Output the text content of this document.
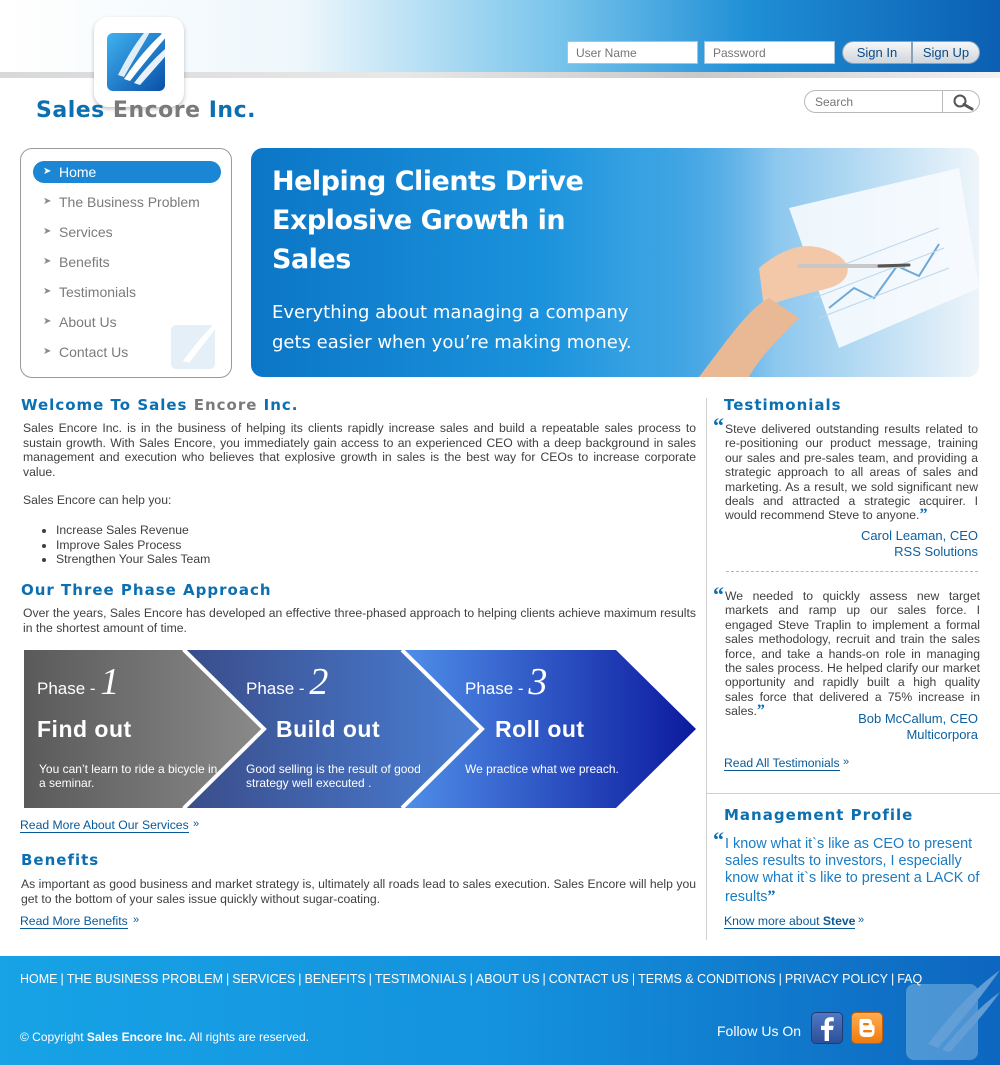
Sales Encore Inc.
User Name
Sign In	Sign Up
Search
➤ Home
➤ The Business Problem
➤ Services
➤ Benefits
➤ Testimonials
➤ About Us
➤ Contact Us
Helping Clients Drive Explosive Growth in Sales
Everything about managing a company gets easier when you’re making money.
Welcome To Sales Encore Inc.
Sales Encore Inc. is in the business of helping its clients rapidly increase sales and build a repeatable sales process to sustain growth. With Sales Encore, you immediately gain access to an experienced CEO with a deep background in sales management and execution who believes that explosive growth in sales is the best way for CEOs to increase corporate value.
Sales Encore can help you:
• Increase Sales Revenue
• Improve Sales Process
• Strengthen Your Sales Team
Our Three Phase Approach
Over the years, Sales Encore has developed an effective three-phased approach to helping clients achieve maximum results in the shortest amount of time.
Phase - 1
Find out
You can’t learn to ride a bicycle in a seminar.
Phase - 2
Build out
Good selling is the result of good strategy well executed .
Phase - 3
Roll out
We practice what we preach.
Read More About Our Services »
Benefits
As important as good business and market strategy is, ultimately all roads lead to sales execution. Sales Encore will help you get to the bottom of your sales issue quickly without sugar-coating.
Read More Benefits »
Testimonials
“ Steve delivered outstanding results related to re-positioning our product message, training our sales and pre-sales team, and providing a strategic approach to all areas of sales and marketing. As a result, we sold significant new deals and attracted a strategic acquirer. I would recommend Steve to anyone.”
Carol Leaman, CEO
RSS Solutions
“ We needed to quickly assess new target markets and ramp up our sales force. I engaged Steve Traplin to implement a formal sales methodology, recruit and train the sales force, and take a hands-on role in managing the sales process. He helped clarify our market opportunity and rapidly built a high quality sales force that delivered a 75% increase in sales.”	Bob McCallum, CEO
Multicorpora
Read All Testimonials »
Management Profile
“ I know what it`s like as CEO to present sales results to investors, I especially know what it`s like to present a LACK of results”
Know more about Steve »
HOME | THE BUSINESS PROBLEM | SERVICES | BENEFITS | TESTIMONIALS | ABOUT US | CONTACT US | TERMS & CONDITIONS | PRIVACY POLICY | FAQ
© Copyright Sales Encore Inc. All rights are reserved.	Follow Us On
